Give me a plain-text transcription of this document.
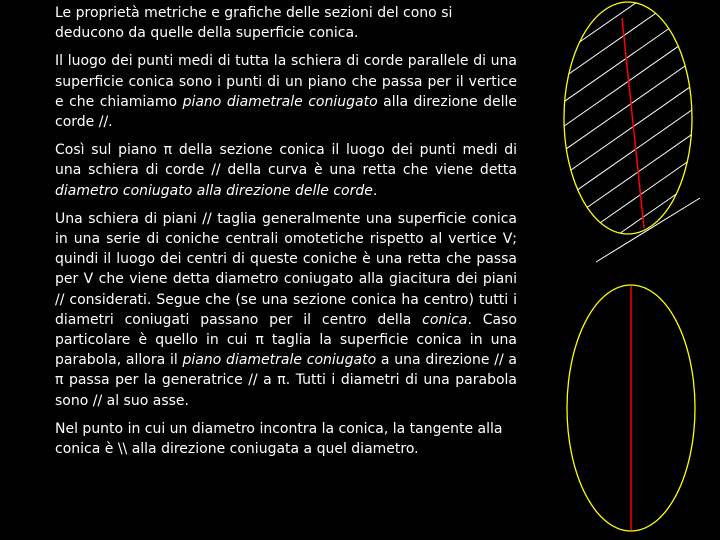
Le proprietà metriche e grafiche delle sezioni del cono si deducono da quelle della superficie conica.

Il luogo dei punti medi di tutta la schiera di corde parallele di una superficie conica sono i punti di un piano che passa per il vertice e che chiamiamo piano diametrale coniugato alla direzione delle corde //.

Così sul piano π della sezione conica il luogo dei punti medi di una schiera di corde // della curva è una retta che viene detta diametro coniugato alla direzione delle corde.

Una schiera di piani // taglia generalmente una superficie conica in una serie di coniche centrali omotetiche rispetto al vertice V; quindi il luogo dei centri di queste coniche è una retta che passa per V che viene detta diametro coniugato alla giacitura dei piani // considerati. Segue che (se una sezione conica ha centro) tutti i diametri coniugati passano per il centro della conica. Caso particolare è quello in cui π taglia la superficie conica in una parabola, allora il piano diametrale coniugato a una direzione // a π passa per la generatrice // a π. Tutti i diametri di una parabola sono // al suo asse.

Nel punto in cui un diametro incontra la conica, la tangente alla conica è \\ alla direzione coniugata a quel diametro.
